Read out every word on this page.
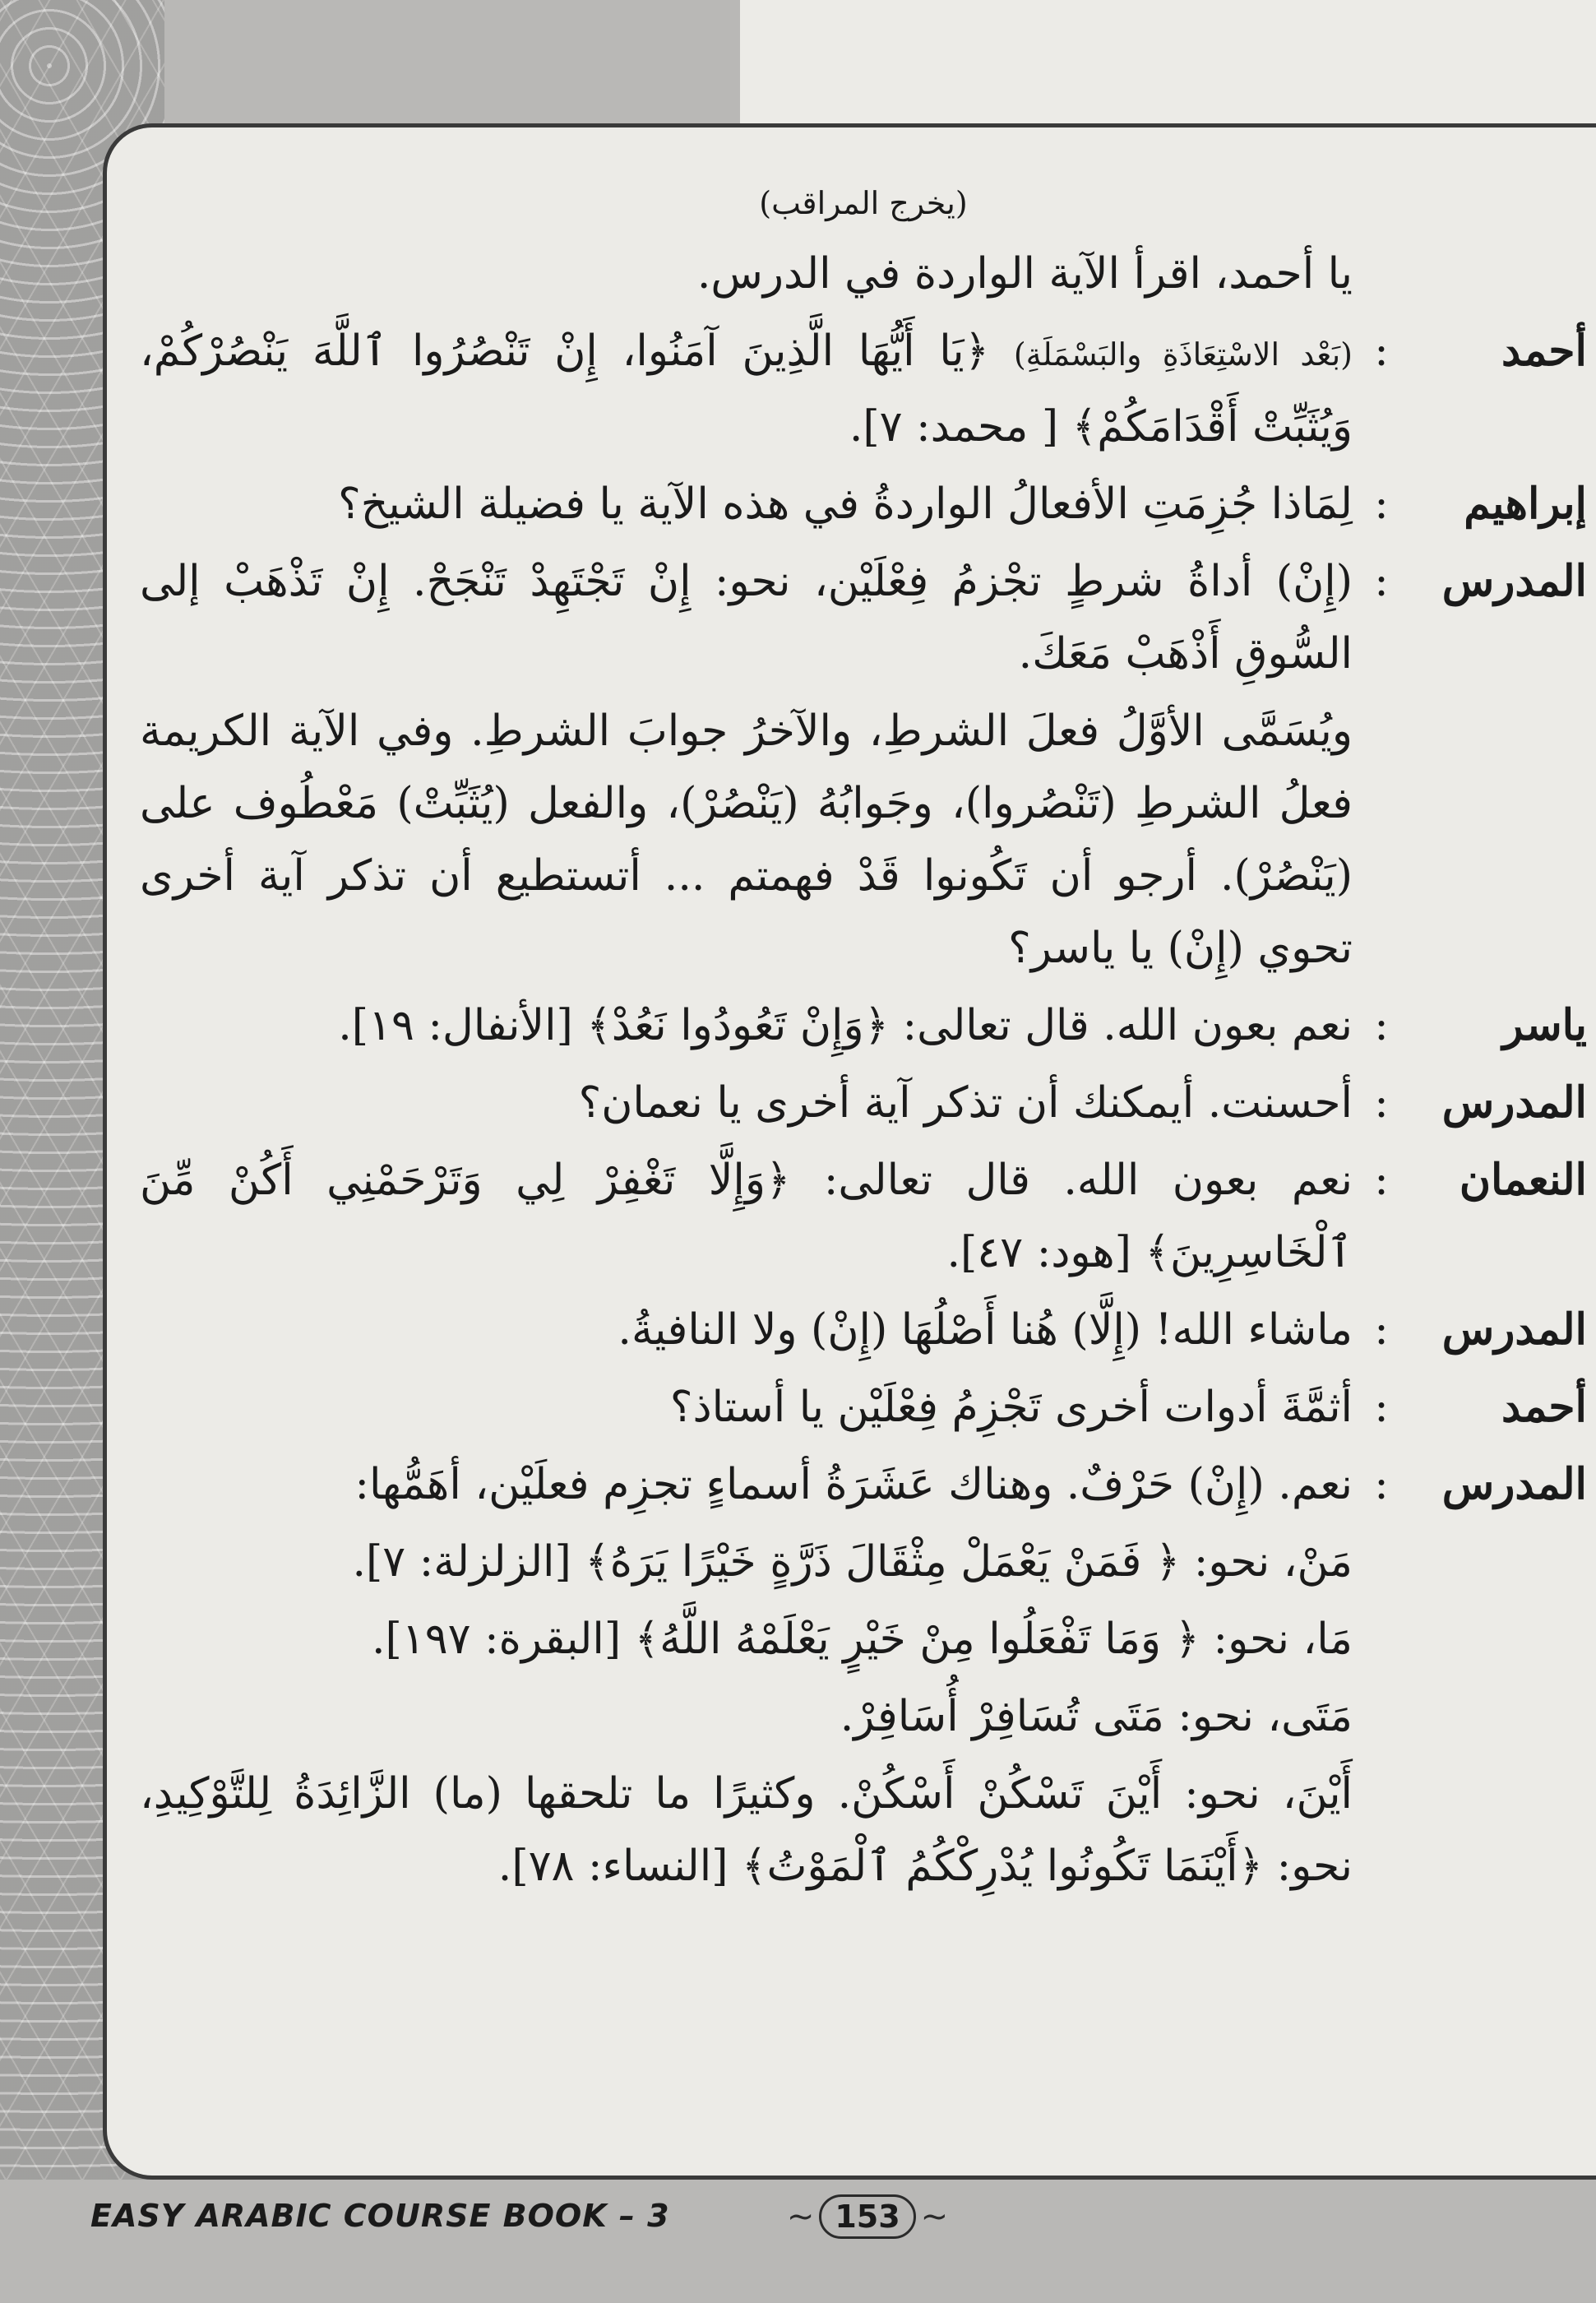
(يخرج المراقب)
يا أحمد، اقرأ الآية الواردة في الدرس.
أحمد
:
(بَعْد الاسْتِعَاذَةِ والبَسْمَلَةِ) ﴿يَا أَيُّهَا الَّذِينَ آمَنُوا، إِنْ تَنْصُرُوا ٱللَّهَ يَنْصُرْكُمْ، وَيُثَبِّتْ أَقْدَامَكُمْ﴾ [ محمد: ٧].
إبراهيم
:
لِمَاذا جُزِمَتِ الأفعالُ الواردةُ في هذه الآية يا فضيلة الشيخ؟
المدرس
:
(إِنْ) أداةُ شرطٍ تجْزمُ فِعْلَيْن، نحو: إِنْ تَجْتَهِدْ تَنْجَحْ. إِنْ تَذْهَبْ إلى السُّوقِ أَذْهَبْ مَعَكَ.
ويُسَمَّى الأوَّلُ فعلَ الشرطِ، والآخرُ جوابَ الشرطِ. وفي الآية الكريمة فعلُ الشرطِ (تَنْصُروا)، وجَوابُهُ (يَنْصُرْ)، والفعل (يُثَبِّتْ) مَعْطُوف على (يَنْصُرْ). أرجو أن تَكُونوا قَدْ فهمتم ... أتستطيع أن تذكر آية أخرى تحوي (إِنْ) يا ياسر؟
ياسر
:
نعم بعون الله. قال تعالى: ﴿وَإِنْ تَعُودُوا نَعُدْ﴾ [الأنفال: ١٩].
المدرس
:
أحسنت. أيمكنك أن تذكر آية أخرى يا نعمان؟
النعمان
:
نعم بعون الله. قال تعالى: ﴿وَإِلَّا تَغْفِرْ لِي وَتَرْحَمْنِي أَكُنْ مِّنَ ٱلْخَاسِرِينَ﴾ [هود: ٤٧].
المدرس
:
ماشاء الله! (إِلَّا) هُنا أَصْلُهَا (إِنْ) ولا النافيةُ.
أحمد
:
أثمَّةَ أدوات أخرى تَجْزِمُ فِعْلَيْن يا أستاذ؟
المدرس
:
نعم. (إِنْ) حَرْفٌ. وهناك عَشَرَةُ أسماءٍ تجزِم فعلَيْن، أهَمُّها:
مَنْ، نحو: ﴿ فَمَنْ يَعْمَلْ مِثْقَالَ ذَرَّةٍ خَيْرًا يَرَهُ﴾ [الزلزلة: ٧].
مَا، نحو: ﴿ وَمَا تَفْعَلُوا مِنْ خَيْرٍ يَعْلَمْهُ اللَّهُ﴾ [البقرة: ١٩٧].
مَتَى، نحو: مَتَى تُسَافِرْ أُسَافِرْ.
أَيْنَ، نحو: أَيْنَ تَسْكُنْ أَسْكُنْ. وكثيرًا ما تلحقها (ما) الزَّائِدَةُ لِلتَّوْكِيدِ، نحو: ﴿أَيْنَمَا تَكُونُوا يُدْرِكْكُمُ ٱلْمَوْتُ﴾ [النساء: ٧٨].
EASY ARABIC COURSE BOOK – 3	~ 153 ~
